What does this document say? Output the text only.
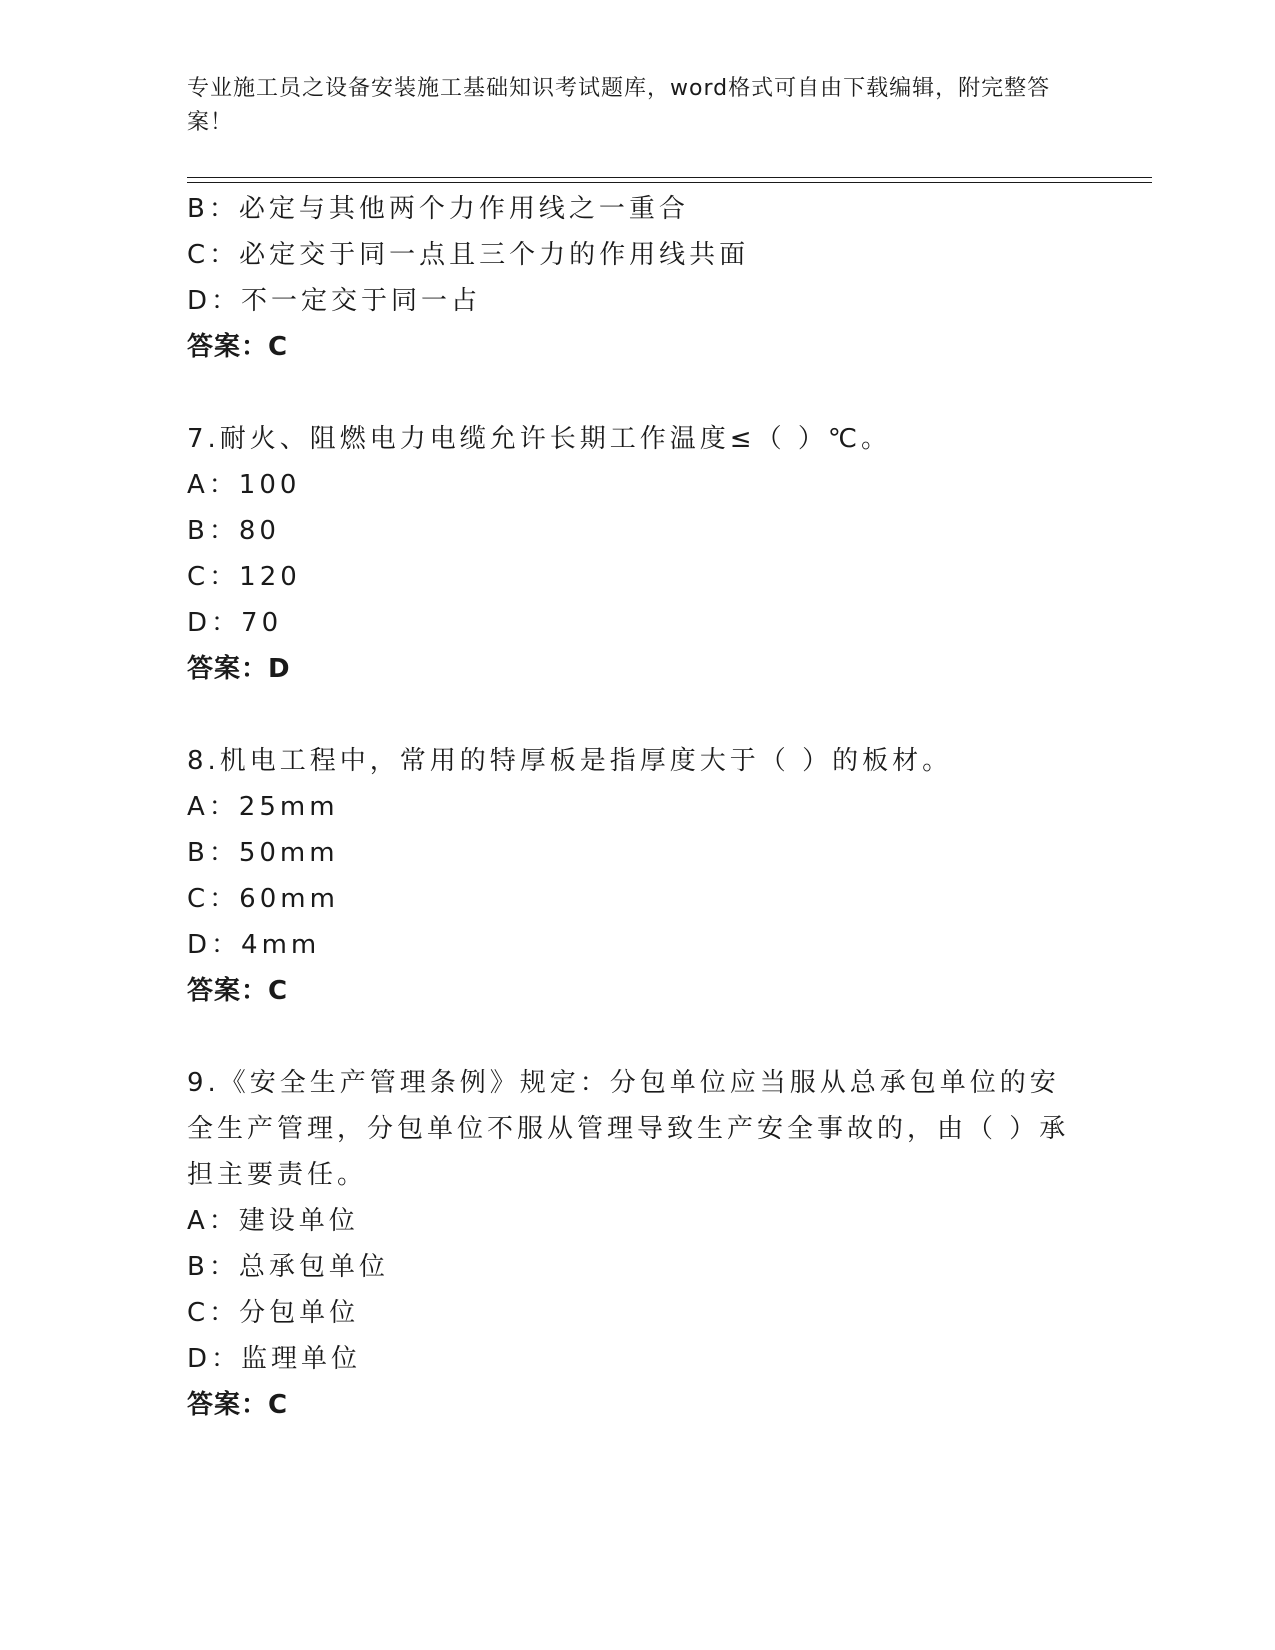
专业施工员之设备安装施工基础知识考试题库，word格式可自由下载编辑，附完整答案！
B：必定与其他两个力作用线之一重合
C：必定交于同一点且三个力的作用线共面
D：不一定交于同一占
答案：C
7.耐火、阻燃电力电缆允许长期工作温度≤（ ）℃。
A：100
B：80
C：120
D：70
答案：D
8.机电工程中，常用的特厚板是指厚度大于（ ）的板材。
A：25mm
B：50mm
C：60mm
D：4mm
答案：C
9.《安全生产管理条例》规定：分包单位应当服从总承包单位的安全生产管理，分包单位不服从管理导致生产安全事故的，由（ ）承担主要责任。
A：建设单位
B：总承包单位
C：分包单位
D：监理单位
答案：C
